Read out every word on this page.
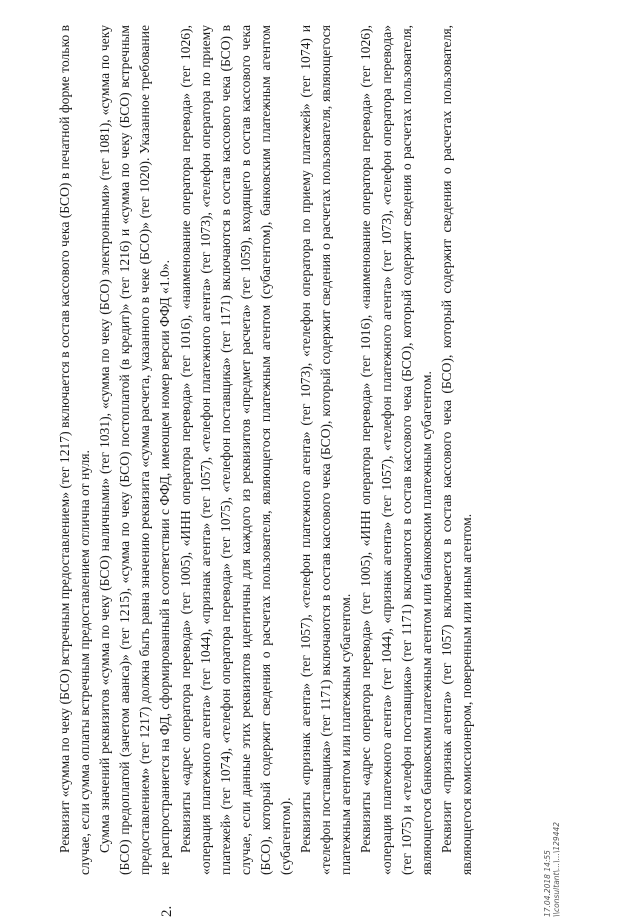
Реквизит «сумма по чеку (БСО) встречным предоставлением» (тег 1217) включается в состав кассового чека (БСО) в печатной форме только в случае, если сумма оплаты встречным предоставлением отлична от нуля. Сумма значений реквизитов «сумма по чеку (БСО) наличными» (тег 1031), «сумма по чеку (БСО) электронными» (тег 1081), «сумма по чеку (БСО) предоплатой (зачетом аванса)» (тег 1215), «сумма по чеку (БСО) постоплатой (в кредит)» (тег 1216) и «сумма по чеку (БСО) встречным предоставлением» (тег 1217) должна быть равна значению реквизита «сумма расчета, указанного в чеке (БСО)» (тег 1020). Указанное требование не распространяется на ФД, сформированный в соответствии с ФФД, имеющем номер версии ФФД «1.0». Реквизиты «адрес оператора перевода» (тег 1005), «ИНН оператора перевода» (тег 1016), «наименование оператора перевода» (тег 1026), «операция платежного агента» (тег 1044), «признак агента» (тег 1057), «телефон платежного агента» (тег 1073), «телефон оператора по приему платежей» (тег 1074), «телефон оператора перевода» (тег 1075), «телефон поставщика» (тег 1171) включаются в состав кассового чека (БСО) в случае, если данные этих реквизитов идентичны для каждого из реквизитов «предмет расчета» (тег 1059), входящего в состав кассового чека (БСО), который содержит сведения о расчетах пользователя, являющегося платежным агентом (субагентом), банковским платежным агентом (субагентом). Реквизиты «признак агента» (тег 1057), «телефон платежного агента» (тег 1073), «телефон оператора по приему платежей» (тег 1074) и «телефон поставщика» (тег 1171) включаются в состав кассового чека (БСО), который содержит сведения о расчетах пользователя, являющегося платежным агентом или платежным субагентом. Реквизиты «адрес оператора перевода» (тег 1005), «ИНН оператора перевода» (тег 1016), «наименование оператора перевода» (тег 1026), «операция платежного агента» (тег 1044), «признак агента» (тег 1057), «телефон платежного агента» (тег 1073), «телефон оператора перевода» (тег 1075) и «телефон поставщика» (тег 1171) включаются в состав кассового чека (БСО), который содержит сведения о расчетах пользователя, являющегося банковским платежным агентом или банковским платежным субагентом. Реквизит «признак агента» (тег 1057) включается в состав кассового чека (БСО), который содержит сведения о расчетах пользователя, являющегося комиссионером, поверенным или иным агентом.

2.	17.04.2018 14:55 \\consultant\...\...\129442
